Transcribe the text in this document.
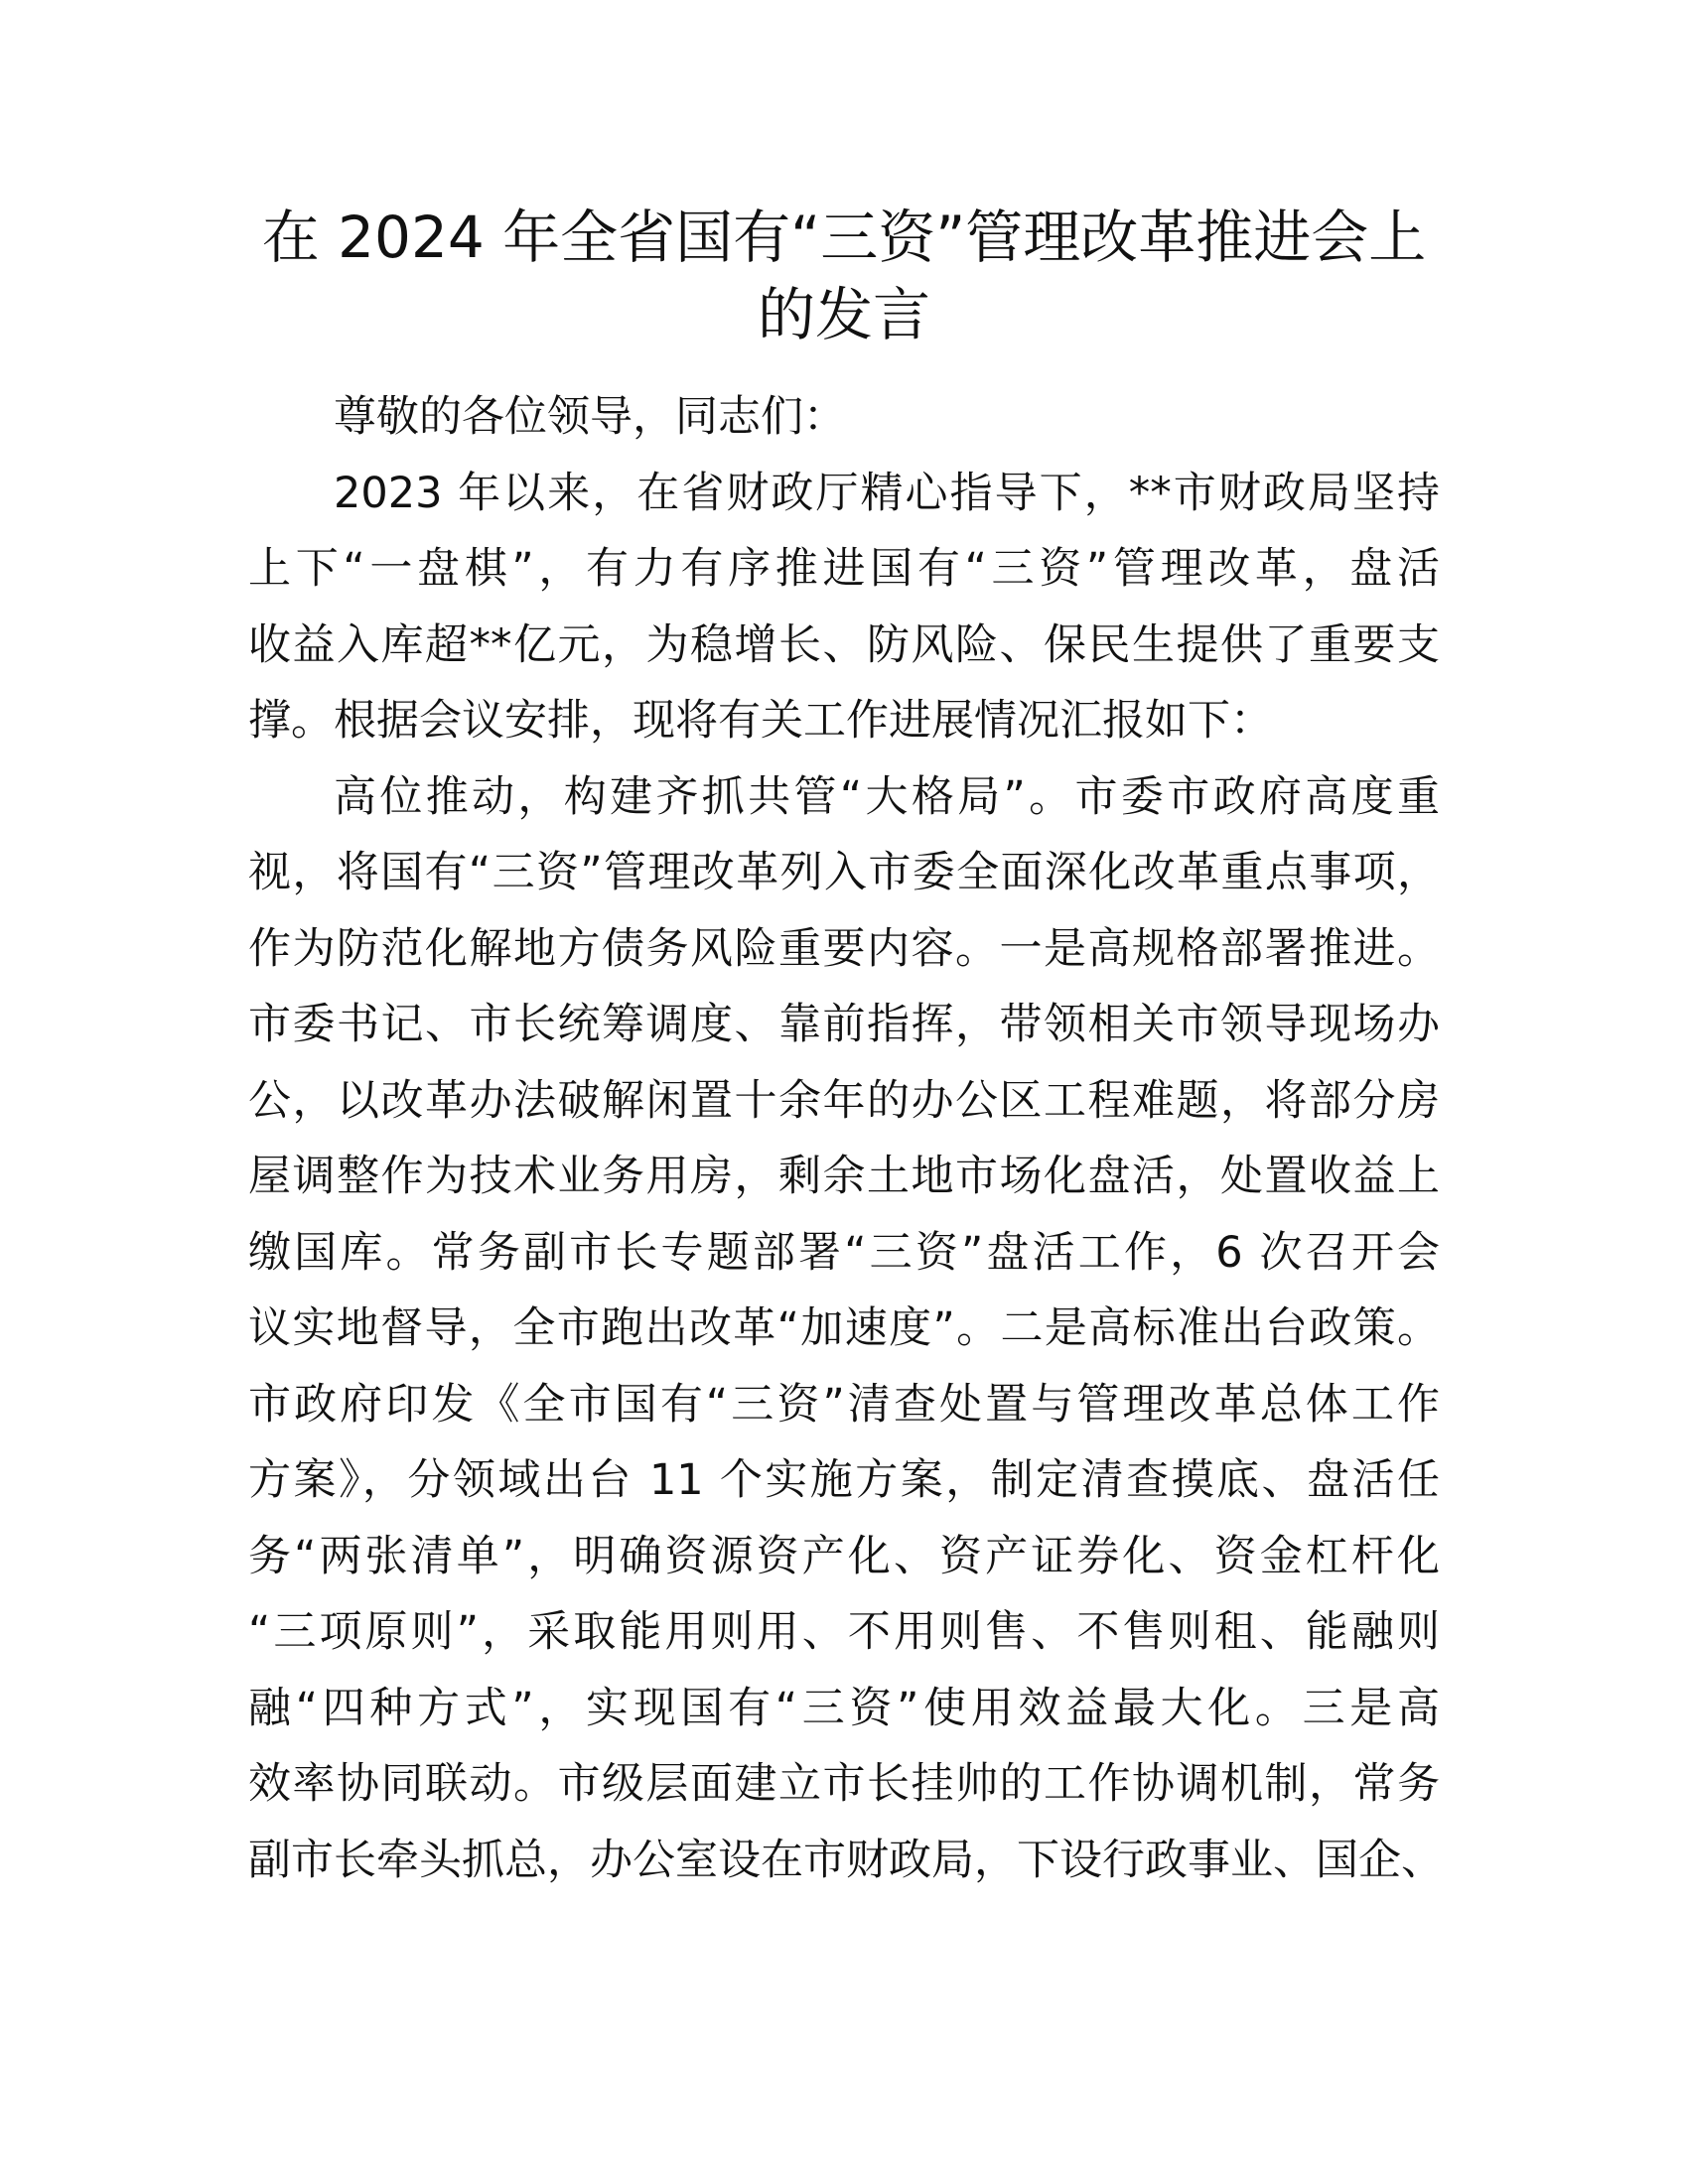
在 2024 年全省国有“三资”管理改革推进会上
的发言
尊敬的各位领导，同志们：
2023 年以来，在省财政厅精心指导下，**市财政局坚持
上下“一盘棋”，有力有序推进国有“三资”管理改革，盘活
收益入库超**亿元，为稳增长、防风险、保民生提供了重要支
撑。根据会议安排，现将有关工作进展情况汇报如下：
高位推动，构建齐抓共管“大格局”。市委市政府高度重
视，将国有“三资”管理改革列入市委全面深化改革重点事项，
作为防范化解地方债务风险重要内容。一是高规格部署推进。
市委书记、市长统筹调度、靠前指挥，带领相关市领导现场办
公，以改革办法破解闲置十余年的办公区工程难题，将部分房
屋调整作为技术业务用房，剩余土地市场化盘活，处置收益上
缴国库。常务副市长专题部署“三资”盘活工作，6 次召开会
议实地督导，全市跑出改革“加速度”。二是高标准出台政策。
市政府印发《全市国有“三资”清查处置与管理改革总体工作
方案》，分领域出台 11 个实施方案，制定清查摸底、盘活任
务“两张清单”，明确资源资产化、资产证券化、资金杠杆化
“三项原则”，采取能用则用、不用则售、不售则租、能融则
融“四种方式”，实现国有“三资”使用效益最大化。三是高
效率协同联动。市级层面建立市长挂帅的工作协调机制，常务
副市长牵头抓总，办公室设在市财政局，下设行政事业、国企、
